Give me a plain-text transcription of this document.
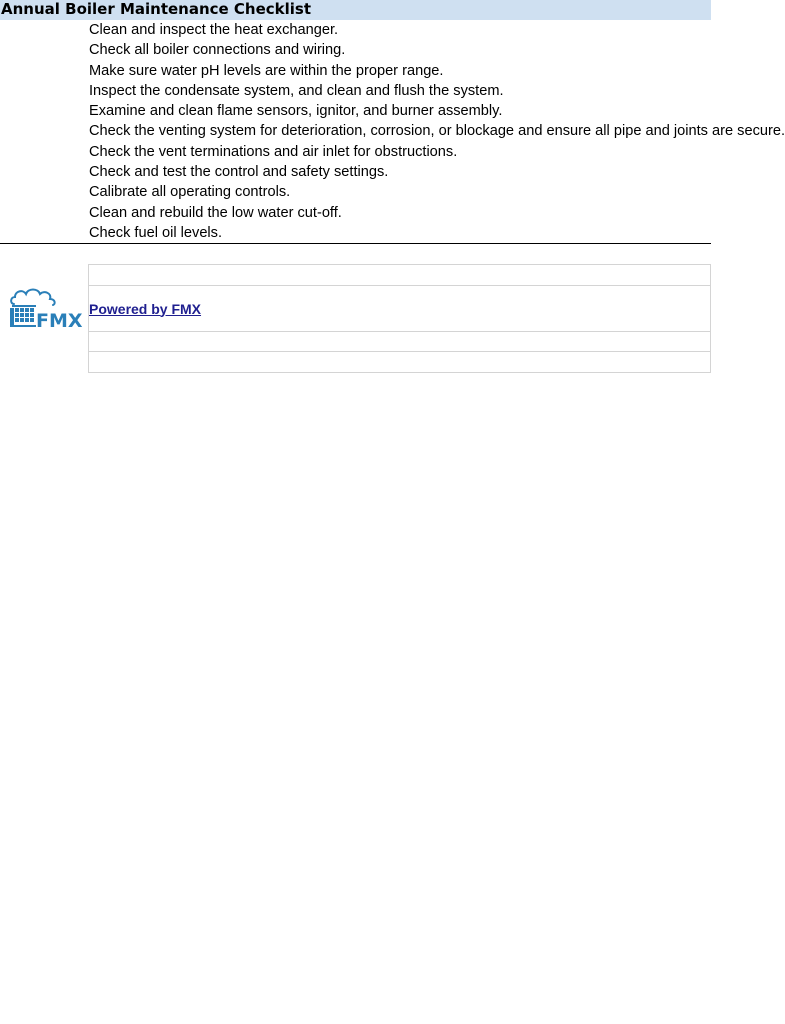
Annual Boiler Maintenance Checklist
Clean and inspect the heat exchanger.
Check all boiler connections and wiring.
Make sure water pH levels are within the proper range.
Inspect the condensate system, and clean and flush the system.
Examine and clean flame sensors, ignitor, and burner assembly.
Check the venting system for deterioration, corrosion, or blockage and ensure all pipe and joints are secure.
Check the vent terminations and air inlet for obstructions.
Check and test the control and safety settings.
Calibrate all operating controls.
Clean and rebuild the low water cut-off.
Check fuel oil levels.
FMX
Powered by FMX
